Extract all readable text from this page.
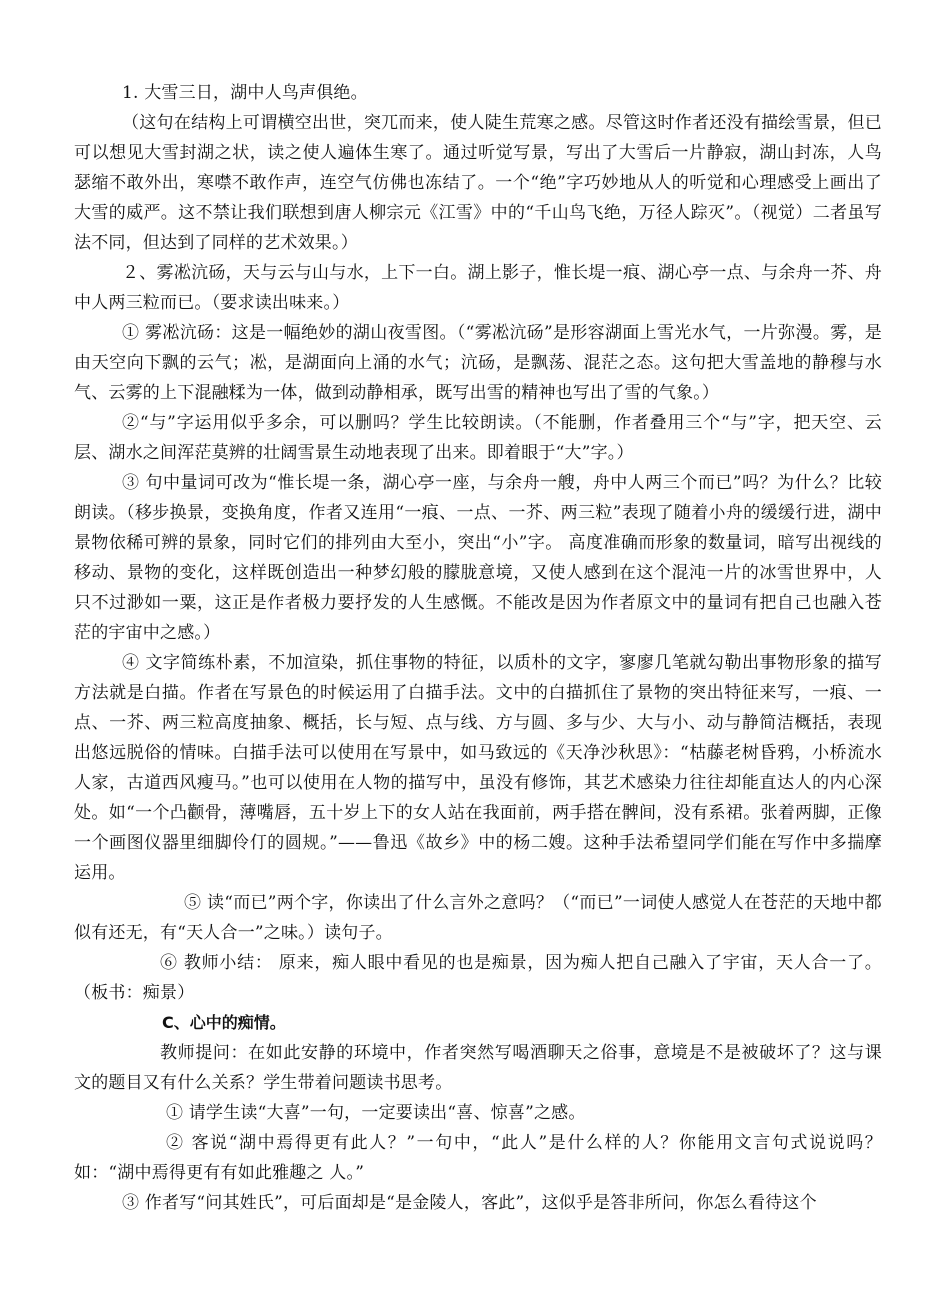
1. 大雪三日，湖中人鸟声俱绝。

（这句在结构上可谓横空出世，突兀而来，使人陡生荒寒之感。尽管这时作者还没有描绘雪景，但已可以想见大雪封湖之状，读之使人遍体生寒了。通过听觉写景，写出了大雪后一片静寂，湖山封冻，人鸟瑟缩不敢外出，寒噤不敢作声，连空气仿佛也冻结了。一个“绝”字巧妙地从人的听觉和心理感受上画出了大雪的威严。这不禁让我们联想到唐人柳宗元《江雪》中的“千山鸟飞绝，万径人踪灭”。（视觉）二者虽写法不同，但达到了同样的艺术效果。）

２、雾凇沆砀，天与云与山与水，上下一白。湖上影子，惟长堤一痕、湖心亭一点、与余舟一芥、舟中人两三粒而已。（要求读出味来。）

① 雾凇沆砀：这是一幅绝妙的湖山夜雪图。（“雾凇沆砀”是形容湖面上雪光水气，一片弥漫。雾，是由天空向下飘的云气；凇，是湖面向上涌的水气；沆砀，是飘荡、混茫之态。这句把大雪盖地的静穆与水气、云雾的上下混融糅为一体，做到动静相承，既写出雪的精神也写出了雪的气象。）

②“与”字运用似乎多余，可以删吗？学生比较朗读。（不能删，作者叠用三个“与”字，把天空、云层、湖水之间浑茫莫辨的壮阔雪景生动地表现了出来。即着眼于“大”字。）

③ 句中量词可改为“惟长堤一条，湖心亭一座，与余舟一艘，舟中人两三个而已”吗？为什么？比较朗读。（移步换景，变换角度，作者又连用“一痕、一点、一芥、两三粒”表现了随着小舟的缓缓行进，湖中景物依稀可辨的景象，同时它们的排列由大至小，突出“小”字。 高度准确而形象的数量词，暗写出视线的移动、景物的变化，这样既创造出一种梦幻般的朦胧意境，又使人感到在这个混沌一片的冰雪世界中，人只不过渺如一粟，这正是作者极力要抒发的人生感慨。不能改是因为作者原文中的量词有把自己也融入苍茫的宇宙中之感。）

④ 文字简练朴素，不加渲染，抓住事物的特征，以质朴的文字，寥廖几笔就勾勒出事物形象的描写方法就是白描。作者在写景色的时候运用了白描手法。文中的白描抓住了景物的突出特征来写，一痕、一点、一芥、两三粒高度抽象、概括，长与短、点与线、方与圆、多与少、大与小、动与静简洁概括，表现出悠远脱俗的情味。白描手法可以使用在写景中，如马致远的《天净沙秋思》：“枯藤老树昏鸦，小桥流水人家，古道西风瘦马。”也可以使用在人物的描写中，虽没有修饰，其艺术感染力往往却能直达人的内心深处。如“一个凸颧骨，薄嘴唇，五十岁上下的女人站在我面前，两手搭在髀间，没有系裙。张着两脚，正像一个画图仪器里细脚伶仃的圆规。”——鲁迅《故乡》中的杨二嫂。这种手法希望同学们能在写作中多揣摩运用。

⑤ 读“而已”两个字，你读出了什么言外之意吗？（“而已”一词使人感觉人在苍茫的天地中都似有还无，有“天人合一”之味。）读句子。

⑥ 教师小结： 原来，痴人眼中看见的也是痴景，因为痴人把自己融入了宇宙，天人合一了。（板书：痴景）

C、心中的痴情。

教师提问：在如此安静的环境中，作者突然写喝酒聊天之俗事，意境是不是被破坏了？这与课文的题目又有什么关系？学生带着问题读书思考。

① 请学生读“大喜”一句，一定要读出“喜、惊喜”之感。

② 客说“湖中焉得更有此人？”一句中，“此人”是什么样的人？你能用文言句式说说吗？如：“湖中焉得更有有如此雅趣之 人。”

③ 作者写“问其姓氏”，可后面却是“是金陵人，客此”，这似乎是答非所问，你怎么看待这个
